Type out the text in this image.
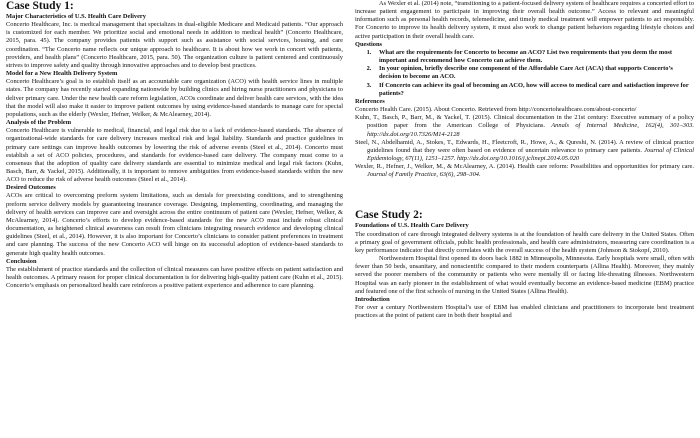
Case Study 1:
Major Characteristics of U.S. Health Care Delivery

Concerto Healthcare, Inc. is medical management that specializes in dual-eligible Medicare and Medicaid patients. “Our approach is customized for each member. We prioritize social and emotional needs in addition to medical health” (Concerto Healthcare, 2015, para. 45). The company provides patients with support such as assistance with social services, housing, and care coordination. “The Concerto name reflects our unique approach to healthcare. It is about how we work in concert with patients, providers, and health plans” (Concerto Healthcare, 2015, para. 50). The organization culture is patient centered and continuously strives to improve safety and quality through innovative approaches and to develop best practices.

Model for a New Health Delivery System

Concerto Healthcare’s goal is to establish itself as an accountable care organization (ACO) with health service lines in multiple states. The company has recently started expanding nationwide by building clinics and hiring nurse practitioners and physicians to deliver primary care. Under the new health care reform legislation, ACOs coordinate and deliver health care services, with the idea that the model will also make it easier to improve patient outcomes by using evidence-based standards to manage care for special populations, such as the elderly (Wexler, Hefner, Welker, & McAlearney, 2014).

Analysis of the Problem

Concerto Healthcare is vulnerable to medical, financial, and legal risk due to a lack of evidence-based standards. The absence of organizational-wide standards for care delivery increases medical risk and legal liability. Standards and practice guidelines in primary care settings can improve health outcomes by lowering the risk of adverse events (Steel et al., 2014). Concerto must establish a set of ACO policies, procedures, and standards for evidence-based care delivery. The company must come to a consensus that the adoption of quality care delivery standards are essential to minimize medical and legal risk factors (Kuhn, Basch, Barr, & Yackel, 2015). Additionally, it is important to remove ambiguities from evidence-based standards within the new ACO to reduce the risk of adverse health outcomes (Steel et al., 2014).

Desired Outcomes

ACOs are critical to overcoming preform system limitations, such as denials for preexisting conditions, and to strengthening preform service delivery models by guaranteeing insurance coverage. Designing, implementing, coordinating, and managing the delivery of health services can improve care and oversight across the entire continuum of patient care (Wexler, Hefner, Welker, & McAlearney, 2014). Concerto’s efforts to develop evidence-based standards for the new ACO must include robust clinical documentation, as heightened clinical awareness can result from clinicians integrating research evidence and developing clinical guidelines (Steel, et al., 2014). However, it is also important for Concerto’s clinicians to consider patient preferences in treatment and care planning. The success of the new Concerto ACO will hinge on its successful adoption of evidence-based standards to generate high quality health outcomes.

Conclusion

The establishment of practice standards and the collection of clinical measures can have positive effects on patient satisfaction and health outcomes. A primary reason for proper clinical documentation is for delivering high-quality patient care (Kuhn et al., 2015). Concerto’s emphasis on personalized health care reinforces a positive patient experience and adherence to care planning.

As Wexler et al. (2014) note, “transitioning to a patient-focused delivery system of healthcare requires a concerted effort to increase patient engagement to participate in improving their overall health outcome.” Access to relevant and meaningful information such as personal health records, telemedicine, and timely medical treatment will empower patients to act responsibly. For Concerto to improve its health delivery system, it must also work to change patient behaviors regarding lifestyle choices and active participation in their overall health care.

Questions
1. What are the requirements for Concerto to become an ACO? List two requirements that you deem the most important and recommend how Concerto can achieve them.
2. In your opinion, briefly describe one component of the Affordable Care Act (ACA) that supports Concerto’s decision to become an ACO.
3. If Concerto can achieve its goal of becoming an ACO, how will access to medical care and satisfaction improve for patients?
References

Concerto Health Care. (2015). About Concerto. Retrieved from http://concertohealthcare.com/about-concerto/

Kuhn, T., Basch, P., Barr, M., & Yackel, T. (2015). Clinical documentation in the 21st century: Executive summary of a policy position paper from the American College of Physicians. Annals of Internal Medicine, 162(4), 301–303. http://dx.doi.org/10.7326/M14-2128

Steel, N., Abdelhamid, A., Stokes, T., Edwards, H., Fleetcroft, R., Howe, A., & Qureshi, N. (2014). A review of clinical practice guidelines found that they were often based on evidence of uncertain relevance to primary care patients. Journal of Clinical Epidemiology, 67(11), 1251–1257. http://dx.doi.org/10.1016/j.jclinepi.2014.05.020

Wexler, R., Hefner, J., Welker, M., & McAlearney, A. (2014). Health care reform: Possibilities and opportunities for primary care. Journal of Family Practice, 63(6), 298–304.

Case Study 2:
Foundations of U.S. Health Care Delivery

The coordination of care through integrated delivery systems is at the foundation of health care delivery in the United States. Often a primary goal of government officials, public health professionals, and health care administrators, measuring care coordination is a key performance indicator that directly correlates with the overall success of the health system (Johnson & Stokopf, 2010).

Northwestern Hospital first opened its doors back 1882 in Minneapolis, Minnesota. Early hospitals were small, often with fewer than 50 beds, unsanitary, and nonscientific compared to their modern counterparts (Allina Health). Moreover, they mainly served the poorer members of the community or patients who were mentally ill or facing life-threating illnesses. Northwestern Hospital was an early pioneer in the establishment of what would eventually become an evidence-based medicine (EBM) practice and featured one of the first schools of nursing in the United States (Allina Health).

Introduction

For over a century Northwestern Hospital’s use of EBM has enabled clinicians and practitioners to incorporate best treatment practices at the point of patient care in both their hospital and
